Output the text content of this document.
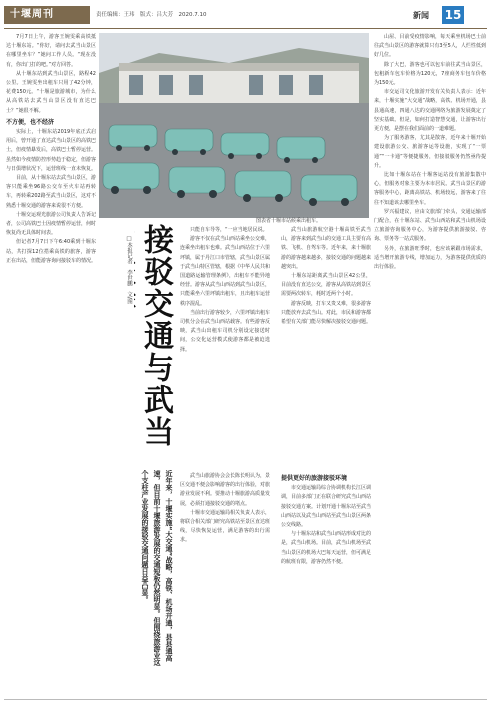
十堰周刊	责任编辑：王玮　版式：吕大芳　2020.7.10	新闻 15

7月7日上午，游客王婉雯乘高铁抵达十堰东站。“你好，请问去武当山景区在哪里坐车？”她问工作人员。“现在没有，你出门打的吧。”对方回答。

从十堰东站到武当山景区，路程42公里。王婉雯坐出租车只用了42分钟，花费150元。“十堰是旅游城市，为什么从高铁站去武当山景区没有直达巴士？”她很不解。

不方便，也不经济

实际上，十堰东站2019年底正式启用后，曾开通了直达武当山景区的高铁巴士，但疫情暴发后，高铁巴士暂停运营。虽然如今疫情防控形势趋于稳定，但游客与日俱增状况下，运营班线一直未恢复。

目前，从十堰东站去武当山景区，游客只能乘坐96路公交车至火车站再转车，再转乘202路至武当山景区，这对不熟悉十堰交通的游客来说很不方便。

十堰交运观光旅游公司负责人告诉记者，公司高铁巴士因疫情暂停运营，何时恢复尚无具体时间表。

但记者7月7日下午6:40乘到十堰东站，共打探12位搭乘高铁的旅客，游客正在出站，但能游客询问接驳车的情况。

图表省十堰市站候乘出租车。
□本报记者　李世鹏　文/图 接驳交通与武当
近年来，十堰实施“大交通”战略，高铁、机场开通，县县通高速，但目前十堰旅游发展的交通短板仍然明显。但围绕旅游业这个支柱产业发展的接驳交通问题日益凸显。

只能自车导等，“一应当地居民说。

游客不仅在武当山西站乘坐公交难，连乘坐出租车也难。武当山西站位于六里坪镇，属于丹江口市管辖，武当山景区属于武当山特区管辖，根据《中华人民共和国道路运输管理条例》，出租车不能异地经营。游客从武当山西站到武当山景区，只能乘坐六里坪镇出租车，且出租车运营秩序混乱。

当前出行游客较少，六里坪镇出租车司机分会在武当山西站载客。有些游客反映，武当山出租车司机分别设定接送时间，公交化运营模式使游客都是被迫选择。

武当山旅游协会会长陈长明认为，景区交通不便会影响游客的出行体验，对旅游业发展不利。要推动十堰旅游高质量发展，必须打通接驳交通的堵点。

十堰市交通运输局相关负责人表示，将联合相关部门研究高铁站至景区直达班线，尽快恢复运营，满足游客的出行需求。

武当山旅游航空港十堰高铁至武当山，游客来到武当山的交通工具主要有高铁、飞机、自驾车等。近年来，来十堰旅游的游客越来越多，接驳交通的问题越来越突出。

十堰东站距离武当山景区42公里，目前没有直达公交，游客从高铁站到景区需要两次转车，耗时近两个小时。

游客反映，打车又贵又难，很多游客只能放弃去武当山。对此，市民和游客都希望有关部门能尽快解决接驳交通问题。

提供更好的旅游接驳环境

市交通运输局综合协调机构长江区调调，目前多部门正在联合研究武当山西站接驳交通方案。计划开通十堰东站至武当山西站以及武当山西站至武当山景区两条公交线路。

与十堰东站和武当山西站形成对比的是，武当山机场。目前，武当山机场至武当山景区的机场大巴每天运营，但可满足的航班有限，游客仍然不便。

山屋、目前受疫情影响，每天乘坐机场巴士前往武当山景区的游客就算只有3至5人，人烂性低到好几位。

除了大巴，游客也可以包车前往武当山景区，包租新车包车价格为120元，7座商务车包车价格为150元。

市交运司文化旅游开发有关负责人表示：近年来，十堰实施“大交通”战略，高铁、机场开通，县县通高速，四通八达的交通网络为旅游发展奠定了坚实基础。但是，如何打造智慧交通，让游客出行更方便，是摆在我们面前的一道难题。

为了服务游客，尤其是散客，近年来十堰开始建设旅游公交、旅游客运等设施，实现了“一票通”“一卡通”等便捷服务，但接驳服务仍然亟待提升。

比如十堰东站在十堰客运站没有旅游集散中心，但服务对象主要为本市居民。武当山景区的游客服务中心，距离高铁站、机场较远，游客来了往往不知道该去哪里坐车。

罗兴福建议，应由文旅部门牵头，交通运输部门配合，在十堰东站、武当山西站和武当山机场设立旅游咨询服务中心，为游客提供旅游接驳、咨询、票务等一站式服务。

另外，在旅游旺季时，也应该紧跟市场需求，适当增开旅游专线，增加运力，为游客提供优质的出行体验。
